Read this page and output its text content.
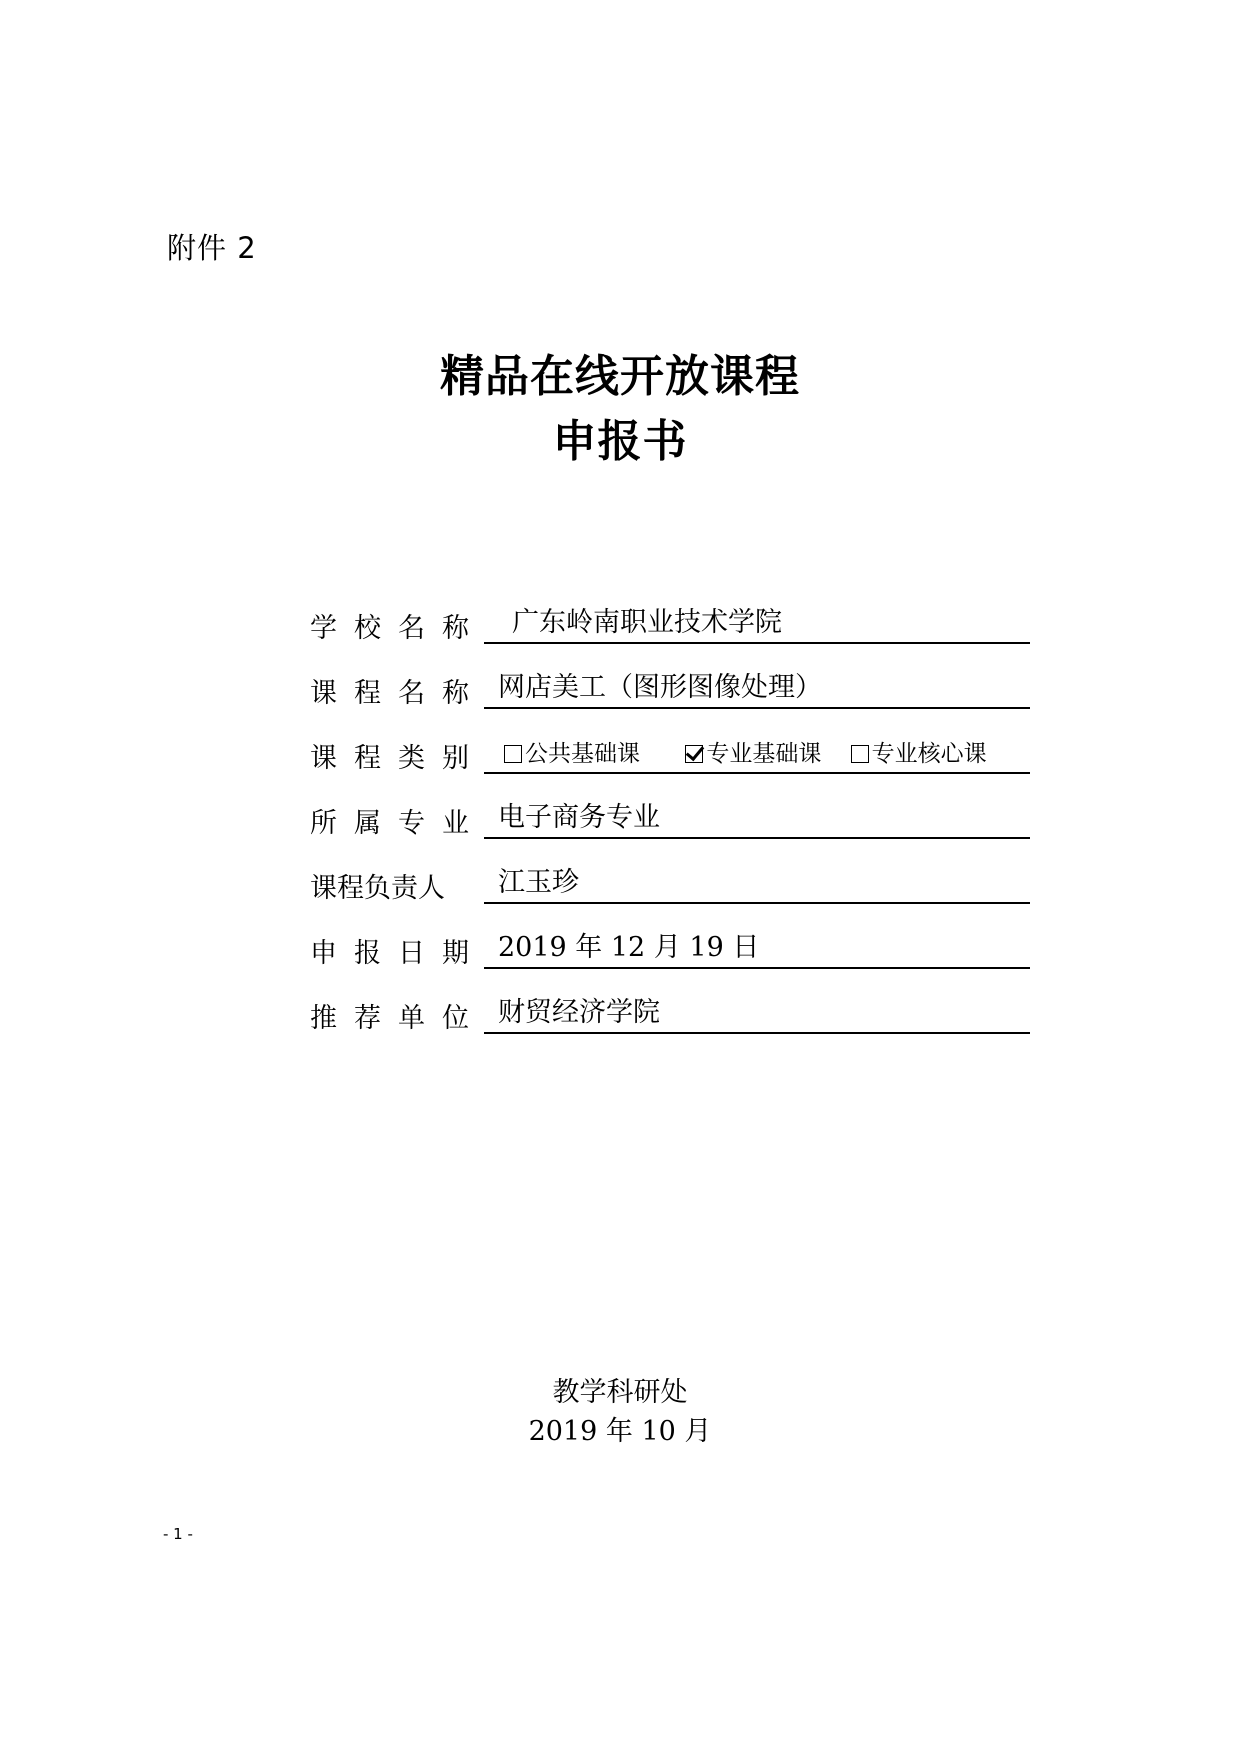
附件 2
精品在线开放课程
申报书
学校名称 广东岭南职业技术学院
课程名称 网店美工（图形图像处理）
课程类别	公共基础课	专业基础课 专业核心课
所属专业 电子商务专业
课程负责人	江玉珍
申报日期 2019 年 12 月 19 日
推荐单位 财贸经济学院
教学科研处
2019 年 10 月
- 1 -
